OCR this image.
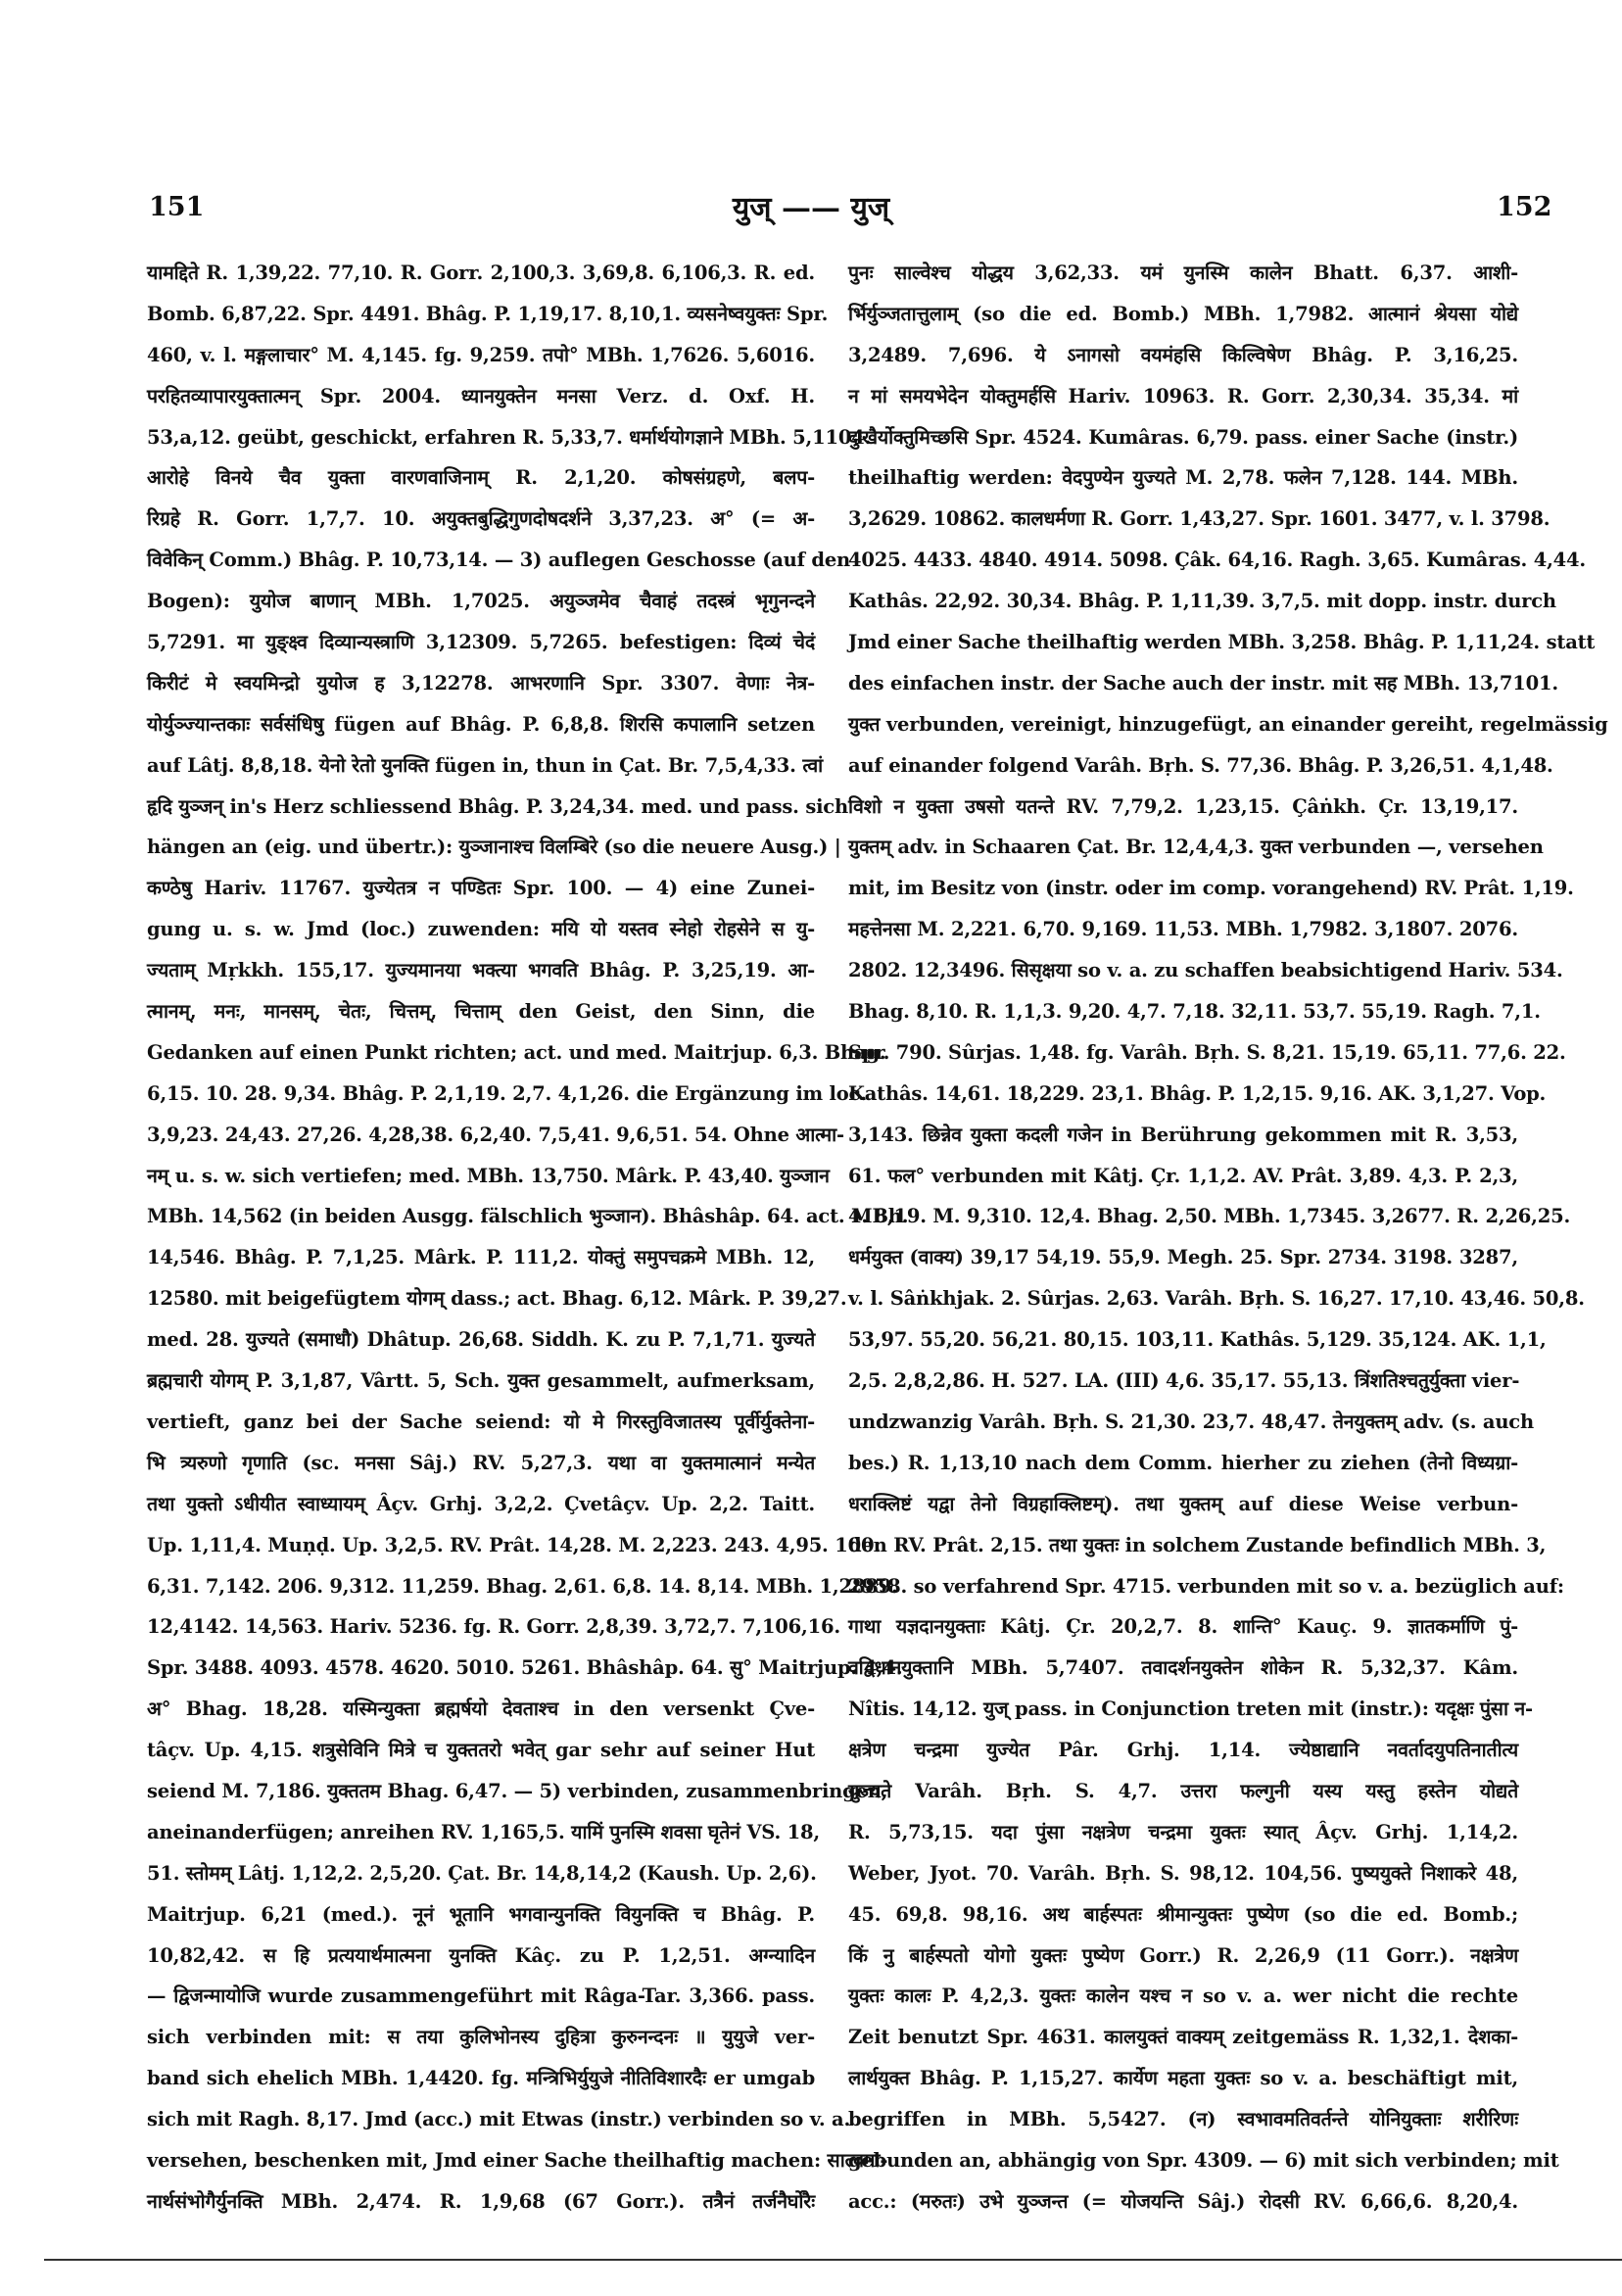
151	युज् —— युज्	152
यामद्दिते R. 1,39,22. 77,10. R. Gorr. 2,100,3. 3,69,8. 6,106,3. R. ed.
Bomb. 6,87,22. Spr. 4491. Bhâg. P. 1,19,17. 8,10,1. व्यसनेष्वयुक्तः Spr.
460, v. l. मङ्गलाचार° M. 4,145. fg. 9,259. तपो° MBh. 1,7626. 5,6016.
परहितव्यापारयुक्तात्मन् Spr. 2004. ध्यानयुक्तेन मनसा Verz. d. Oxf. H.
53,a,12. geübt, geschickt, erfahren R. 5,33,7. धर्मार्थयोगज्ञाने MBh. 5,1104.
आरोहे विनये चैव युक्ता वारणवाजिनाम् R. 2,1,20. कोषसंग्रहणे, बलप-
रिग्रहे R. Gorr. 1,7,7. 10. अयुक्तबुद्धिगुणदोषदर्शने 3,37,23. अ° (= अ-
विवेकिन् Comm.) Bhâg. P. 10,73,14. — 3) auflegen Geschosse (auf den
Bogen): युयोज बाणान् MBh. 1,7025. अयुञ्जमेव चैवाहं तदस्त्रं भृगुनन्दने
5,7291. मा युङ्क्ष्व दिव्यान्यस्त्राणि 3,12309. 5,7265. befestigen: दिव्यं चेदं
किरीटं मे स्वयमिन्द्रो युयोज ह 3,12278. आभरणानि Spr. 3307. वेणाः नेत्र-
योर्युञ्ज्यान्तकाः सर्वसंधिषु fügen auf Bhâg. P. 6,8,8. शिरसि कपालानि setzen
auf Lâtj. 8,8,18. येनो रेतो युनक्ति fügen in, thun in Çat. Br. 7,5,4,33. त्वां
हृदि युञ्जन् in's Herz schliessend Bhâg. P. 3,24,34. med. und pass. sich
hängen an (eig. und übertr.): युञ्जानाश्च विलम्बिरे (so die neuere Ausg.) |
कण्ठेषु Hariv. 11767. युज्येतत्र न पण्डितः Spr. 100. — 4) eine Zunei-
gung u. s. w. Jmd (loc.) zuwenden: मयि यो यस्तव स्नेहो रोहसेने स यु-
ज्यताम् Mṛkkh. 155,17. युज्यमानया भक्त्या भगवति Bhâg. P. 3,25,19. आ-
त्मानम्, मनः, मानसम्, चेतः, चित्तम्, चित्ताम् den Geist, den Sinn, die
Gedanken auf einen Punkt richten; act. und med. Maitrjup. 6,3. Bhag.
6,15. 10. 28. 9,34. Bhâg. P. 2,1,19. 2,7. 4,1,26. die Ergänzung im loc.
3,9,23. 24,43. 27,26. 4,28,38. 6,2,40. 7,5,41. 9,6,51. 54. Ohne आत्मा-
नम् u. s. w. sich vertiefen; med. MBh. 13,750. Mârk. P. 43,40. युञ्जान
MBh. 14,562 (in beiden Ausgg. fälschlich भुञ्जान). Bhâshâp. 64. act. MBh.
14,546. Bhâg. P. 7,1,25. Mârk. P. 111,2. योक्तुं समुपचक्रमे MBh. 12,
12580. mit beigefügtem योगम् dass.; act. Bhag. 6,12. Mârk. P. 39,27.
med. 28. युज्यते (समाधौ) Dhâtup. 26,68. Siddh. K. zu P. 7,1,71. युज्यते
ब्रह्मचारी योगम् P. 3,1,87, Vârtt. 5, Sch. युक्त gesammelt, aufmerksam,
vertieft, ganz bei der Sache seiend: यो मे गिरस्तुविजातस्य पूर्वीर्युक्तेना-
भि त्र्यरुणो गृणाति (sc. मनसा Sâj.) RV. 5,27,3. यथा वा युक्तमात्मानं मन्येत
तथा युक्तो ऽधीयीत स्वाध्यायम् Âçv. Grhj. 3,2,2. Çvetâçv. Up. 2,2. Taitt.
Up. 1,11,4. Muṇḍ. Up. 3,2,5. RV. Prât. 14,28. M. 2,223. 243. 4,95. 100.
6,31. 7,142. 206. 9,312. 11,259. Bhag. 2,61. 6,8. 14. 8,14. MBh. 1,2889.
12,4142. 14,563. Hariv. 5236. fg. R. Gorr. 2,8,39. 3,72,7. 7,106,16.
Spr. 3488. 4093. 4578. 4620. 5010. 5261. Bhâshâp. 64. सु° Maitrjup. 4,4.
अ° Bhag. 18,28. यस्मिन्युक्ता ब्रह्मर्षयो देवताश्च in den versenkt Çve-
tâçv. Up. 4,15. शत्रुसेविनि मित्रे च युक्ततरो भवेत् gar sehr auf seiner Hut
seiend M. 7,186. युक्ततम Bhag. 6,47. — 5) verbinden, zusammenbringen,
aneinanderfügen; anreihen RV. 1,165,5. यामिं पुनस्मि शवसा घृतेनं VS. 18,
51. स्तोमम् Lâtj. 1,12,2. 2,5,20. Çat. Br. 14,8,14,2 (Kaush. Up. 2,6).
Maitrjup. 6,21 (med.). नूनं भूतानि भगवान्युनक्ति वियुनक्ति च Bhâg. P.
10,82,42. स हि प्रत्ययार्थमात्मना युनक्ति Kâç. zu P. 1,2,51. अग्न्यादिन
— द्विजन्मायोजि wurde zusammengeführt mit Râga-Tar. 3,366. pass.
sich verbinden mit: स तया कुलिभोनस्य दुहित्रा कुरुनन्दनः ॥ युयुजे ver-
band sich ehelich MBh. 1,4420. fg. मन्त्रिभिर्युयुजे नीतिविशारदैः er umgab
sich mit Ragh. 8,17. Jmd (acc.) mit Etwas (instr.) verbinden so v. a.
versehen, beschenken mit, Jmd einer Sache theilhaftig machen: साल्वमा-
नार्थसंभोगैर्युनक्ति MBh. 2,474. R. 1,9,68 (67 Gorr.). तत्रैनं तर्जनैर्घोरैः
पुनः साल्वेश्च योद्धय 3,62,33. यमं युनस्मि कालेन Bhatt. 6,37. आशी-
र्भिर्युञ्जतात्तुलाम् (so die ed. Bomb.) MBh. 1,7982. आत्मानं श्रेयसा योद्ये
3,2489. 7,696. ये ऽनागसो वयमंहसि किल्विषेण Bhâg. P. 3,16,25.
न मां समयभेदेन योक्तुमर्हसि Hariv. 10963. R. Gorr. 2,30,34. 35,34. मां
दुःखैर्योक्तुमिच्छसि Spr. 4524. Kumâras. 6,79. pass. einer Sache (instr.)
theilhaftig werden: वेदपुण्येन युज्यते M. 2,78. फलेन 7,128. 144. MBh.
3,2629. 10862. कालधर्मणा R. Gorr. 1,43,27. Spr. 1601. 3477, v. l. 3798.
4025. 4433. 4840. 4914. 5098. Çâk. 64,16. Ragh. 3,65. Kumâras. 4,44.
Kathâs. 22,92. 30,34. Bhâg. P. 1,11,39. 3,7,5. mit dopp. instr. durch
Jmd einer Sache theilhaftig werden MBh. 3,258. Bhâg. P. 1,11,24. statt
des einfachen instr. der Sache auch der instr. mit सह MBh. 13,7101.
युक्त verbunden, vereinigt, hinzugefügt, an einander gereiht, regelmässig
auf einander folgend Varâh. Bṛh. S. 77,36. Bhâg. P. 3,26,51. 4,1,48.
विशो न युक्ता उषसो यतन्ते RV. 7,79,2. 1,23,15. Çâṅkh. Çr. 13,19,17.
युक्तम् adv. in Schaaren Çat. Br. 12,4,4,3. युक्त verbunden —, versehen
mit, im Besitz von (instr. oder im comp. vorangehend) RV. Prât. 1,19.
महत्तेनसा M. 2,221. 6,70. 9,169. 11,53. MBh. 1,7982. 3,1807. 2076.
2802. 12,3496. सिसृक्षया so v. a. zu schaffen beabsichtigend Hariv. 534.
Bhag. 8,10. R. 1,1,3. 9,20. 4,7. 7,18. 32,11. 53,7. 55,19. Ragh. 7,1.
Spr. 790. Sûrjas. 1,48. fg. Varâh. Bṛh. S. 8,21. 15,19. 65,11. 77,6. 22.
Kathâs. 14,61. 18,229. 23,1. Bhâg. P. 1,2,15. 9,16. AK. 3,1,27. Vop.
3,143. छिन्नेव युक्ता कदली गजेन in Berührung gekommen mit R. 3,53,
61. फल° verbunden mit Kâtj. Çr. 1,1,2. AV. Prât. 3,89. 4,3. P. 2,3,
4. 8,19. M. 9,310. 12,4. Bhag. 2,50. MBh. 1,7345. 3,2677. R. 2,26,25.
धर्मयुक्त (वाक्य) 39,17 54,19. 55,9. Megh. 25. Spr. 2734. 3198. 3287,
v. l. Sâṅkhjak. 2. Sûrjas. 2,63. Varâh. Bṛh. S. 16,27. 17,10. 43,46. 50,8.
53,97. 55,20. 56,21. 80,15. 103,11. Kathâs. 5,129. 35,124. AK. 1,1,
2,5. 2,8,2,86. H. 527. LA. (III) 4,6. 35,17. 55,13. त्रिंशतिश्चतुर्युक्ता vier-
undzwanzig Varâh. Bṛh. S. 21,30. 23,7. 48,47. तेनयुक्तम् adv. (s. auch
bes.) R. 1,13,10 nach dem Comm. hierher zu ziehen (तेनो विध्यग्रा-
धराक्लिष्टं यद्वा तेनो विग्रहाक्लिष्टम्). तथा युक्तम् auf diese Weise verbun-
den RV. Prât. 2,15. तथा युक्तः in solchem Zustande befindlich MBh. 3,
2958. so verfahrend Spr. 4715. verbunden mit so v. a. bezüglich auf:
गाथा यज्ञदानयुक्ताः Kâtj. Çr. 20,2,7. 8. शान्ति° Kauç. 9. ज्ञातकर्माणि पुं-
वद्विधानयुक्तानि MBh. 5,7407. तवादर्शनयुक्तेन शोकेन R. 5,32,37. Kâm.
Nîtis. 14,12. युज् pass. in Conjunction treten mit (instr.): यदृक्षः पुंसा न-
क्षत्रेण चन्द्रमा युज्येत Pâr. Grhj. 1,14. ज्येष्ठाद्यानि नवर्तादयुपतिनातीत्य
युज्यते Varâh. Bṛh. S. 4,7. उत्तरा फल्गुनी यस्य यस्तु हस्तेन योद्यते
R. 5,73,15. यदा पुंसा नक्षत्रेण चन्द्रमा युक्तः स्यात् Âçv. Grhj. 1,14,2.
Weber, Jyot. 70. Varâh. Bṛh. S. 98,12. 104,56. पुष्ययुक्ते निशाकरे 48,
45. 69,8. 98,16. अथ बार्हस्पतः श्रीमान्युक्तः पुष्येण (so die ed. Bomb.;
किं नु बार्हस्पतो योगो युक्तः पुष्येण Gorr.) R. 2,26,9 (11 Gorr.). नक्षत्रेण
युक्तः कालः P. 4,2,3. युक्तः कालेन यश्च न so v. a. wer nicht die rechte
Zeit benutzt Spr. 4631. कालयुक्तं वाक्यम् zeitgemäss R. 1,32,1. देशका-
लार्थयुक्त Bhâg. P. 1,15,27. कार्येण महता युक्तः so v. a. beschäftigt mit,
begriffen in MBh. 5,5427. (न) स्वभावमतिवर्तन्ते योनियुक्ताः शरीरिणः
gebunden an, abhängig von Spr. 4309. — 6) mit sich verbinden; mit
acc.: (मरुतः) उभे युञ्जन्त (= योजयन्ति Sâj.) रोदसी RV. 6,66,6. 8,20,4.
